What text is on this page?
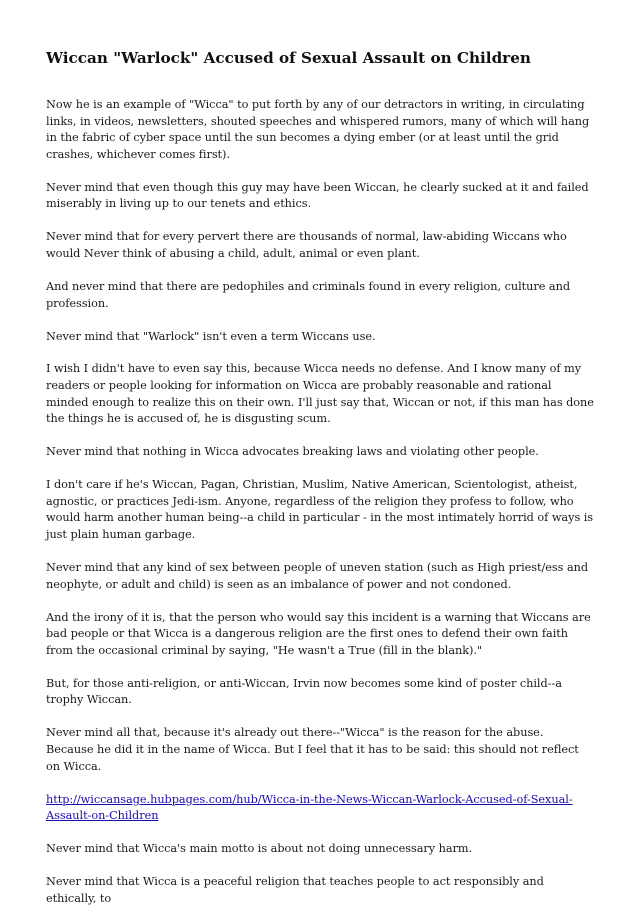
Wiccan "Warlock" Accused of Sexual Assault on Children

Now he is an example of "Wicca" to put forth by any of our detractors in writing, in circulating links, in videos, newsletters, shouted speeches and whispered rumors, many of which will hang in the fabric of cyber space until the sun becomes a dying ember (or at least until the grid crashes, whichever comes first).

Never mind that even though this guy may have been Wiccan, he clearly sucked at it and failed miserably in living up to our tenets and ethics.

Never mind that for every pervert there are thousands of normal, law-abiding Wiccans who would Never think of abusing a child, adult, animal or even plant.

And never mind that there are pedophiles and criminals found in every religion, culture and profession.

Never mind that "Warlock" isn't even a term Wiccans use.

I wish I didn't have to even say this, because Wicca needs no defense. And I know many of my readers or people looking for information on Wicca are probably reasonable and rational minded enough to realize this on their own. I'll just say that, Wiccan or not, if this man has done the things he is accused of, he is disgusting scum.

Never mind that nothing in Wicca advocates breaking laws and violating other people.

I don't care if he's Wiccan, Pagan, Christian, Muslim, Native American, Scientologist, atheist, agnostic, or practices Jedi-ism. Anyone, regardless of the religion they profess to follow, who would harm another human being--a child in particular - in the most intimately horrid of ways is just plain human garbage.

Never mind that any kind of sex between people of uneven station (such as High priest/ess and neophyte, or adult and child) is seen as an imbalance of power and not condoned.

And the irony of it is, that the person who would say this incident is a warning that Wiccans are bad people or that Wicca is a dangerous religion are the first ones to defend their own faith from the occasional criminal by saying, "He wasn't a True (fill in the blank)."

But, for those anti-religion, or anti-Wiccan, Irvin now becomes some kind of poster child--a trophy Wiccan.

Never mind all that, because it's already out there--"Wicca" is the reason for the abuse. Because he did it in the name of Wicca. But I feel that it has to be said: this should not reflect on Wicca.

http://wiccansage.hubpages.com/hub/Wicca-in-the-News-Wiccan-Warlock-Accused-of-Sexual-Assault-on-Children

Never mind that Wicca's main motto is about not doing unnecessary harm.

Never mind that Wicca is a peaceful religion that teaches people to act responsibly and ethically, to
